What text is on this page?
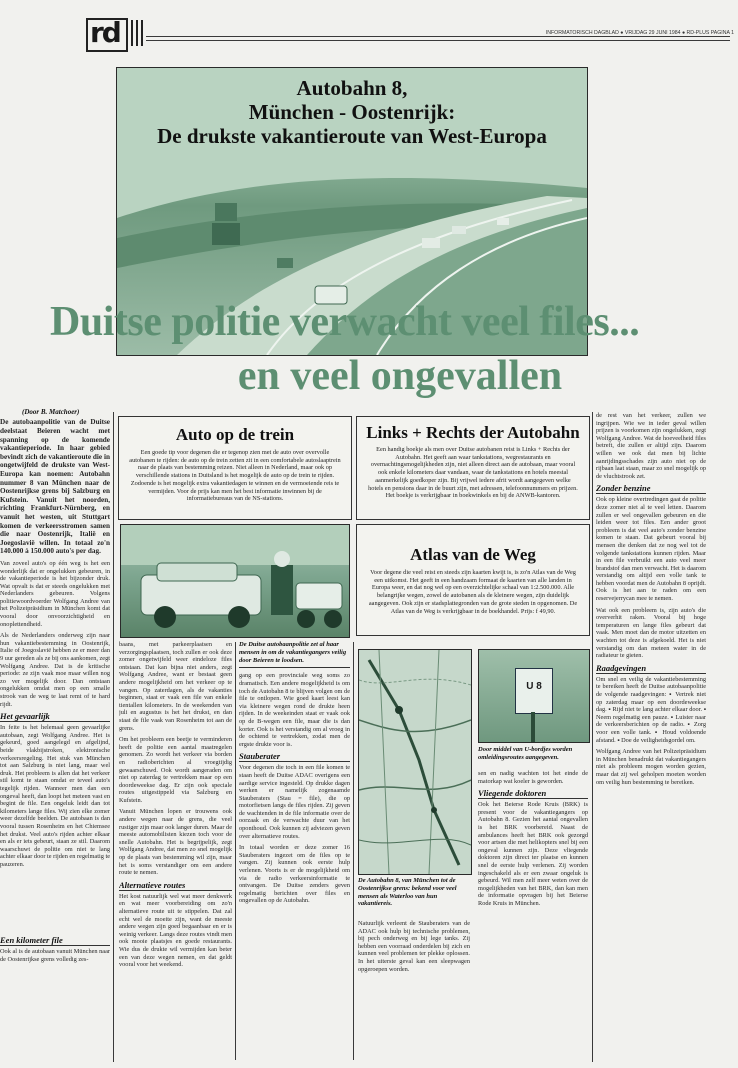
rd	INFORMATORISCH DAGBLAD ● VRIJDAG 29 JUNI 1984 ● RD-PLUS PAGINA 1
Autobahn 8,
München - Oostenrijk:
De drukste vakantieroute van West-Europa
Duitse politie verwacht veel files...
en veel ongevallen
(Door B. Matchoer)
De autobaanpolitie van de Duitse deelstaat Beieren wacht met spanning op de komende vakantieperiode. In haar gebied bevindt zich de vakantieroute die in ongetwijfeld de drukste van West-Europa kan noemen: Autobahn nummer 8 van München naar de Oostenrijkse grens bij Salzburg en Kufstein. Vanuit het noorden, richting Frankfurt-Nürnberg, en vanuit het westen, uit Stuttgart komen de verkeersstromen samen die naar Oostenrijk, Italië en Joegoslavië willen. In totaal zo'n 140.000 à 150.000 auto's per dag.
Van zoveel auto's op één weg is het een wonderlijk dat er ongelukken gebeuren, in de vakantieperiode is het bijzonder druk. Wat opvalt is dat er steeds ongelukken met Nederlanders gebeuren. Volgens politiewoordvoerder Wolfgang Andree van het Polizeipräsidium in München komt dat vooral door onvoorzichtigheid en onoplettendheid.
Als de Nederlanders onderweg zijn naar hun vakantiebestemming in Oostenrijk, Italie of Joegoslavië hebben ze er meer dan 9 uur gereden als ze bij ons aankomen, zegt Wolfgang Andree. Dat is de kritische periode: ze zijn vaak moe maar willen nog zo ver mogelijk door. Dan ontstaan ongelukken omdat men op een smalle strook van de weg te laat remt of te hard rijdt.
Het gevaarlijk
In feite is het helemaal geen gevaarlijke autobaan, zegt Wolfgang Andree. Het is gekeurd, goed aangelegd en afgelijnd, beide vlakbijstroken, elektronische verkeersregeling. Het stuk van München tot aan Salzburg is niet lang, maar wel druk. Het probleem is allen dat het verkeer stil komt te staan omdat er teveel auto's tegelijk rijden. Wanneer men dan een ongeval heeft, dan loopt het meteen vast en begint de file. Een ongeluk leidt dan tot kilometers lange files. Wij zien elke zomer weer dezelfde beelden. De autobaan is dan vooral tussen Rosenheim en het Chiemsee het drukst. Veel auto's rijden achter elkaar en als er iets gebeurt, staan ze stil. Daarom waarschuwt de politie om niet te lang achter elkaar door te rijden en regelmatig te pauzeren.
Een kilometer file
Ook al is de autobaan vanuit München naar de Oostenrijkse grens volledig zes-
Auto op de trein
Een goede tip voor degenen die er tegenop zien met de auto over overvolle autobanen te rijden: de auto op de trein zetten zit in een comfortabele autoslaaptrein naar de plaats van bestemming reizen. Niet alleen in Nederland, maar ook op verschillende stations in Duitsland is het mogelijk de auto op de trein te rijden. Zodoende is het mogelijk extra vakantiedagen te winnen en de vermoeiende reis te vermijden. Voor de prijs kan men het best informatie inwinnen bij de informatiebureaus van de NS-stations.
Links + Rechts der Autobahn
Een handig boekje als men over Duitse autobanen reist is Links + Rechts der Autobahn. Het geeft aan waar tankstations, wegrestaurants en overnachtingsmogelijkheden zijn, niet alleen direct aan de autobaan, maar vooral ook enkele kilometers daar vandaan, waar de tankstations en hotels meestal aanmerkelijk goedkoper zijn. Bij vrijwel iedere afrit wordt aangegeven welke hotels en pensions daar in de buurt zijn, met adressen, telefoonnummers en prijzen. Het boekje is verkrijgbaar in boekwinkels en bij de ANWB-kantoren.
Atlas van de Weg
Voor degene die veel reist en steeds zijn kaarten kwijt is, is zo'n Atlas van de Weg een uitkomst. Het geeft in een handzaam formaat de kaarten van alle landen in Europa weer, en dat nog wel op een overzichtelijke schaal van 1:2.500.000. Alle belangrijke wegen, zowel de autobanen als de kleinere wegen, zijn duidelijk aangegeven. Ook zijn er stadsplattegronden van de grote steden in opgenomen. De Atlas van de Weg is verkrijgbaar in de boekhandel. Prijs: f 49,90.
baans, met parkeerplaatsen en verzorgingsplaatsen, toch zullen er ook deze zomer ongetwijfeld weer eindeloze files ontstaan. Dat kan bijna niet anders, zegt Wolfgang Andree, want er bestaat geen andere mogelijkheid om het verkeer op te vangen. Op zaterdagen, als de vakanties beginnen, staat er vaak een file van enkele tientallen kilometers. In de weekenden van juli en augustus is het het drukst, en dan staat de file vaak van Rosenheim tot aan de grens.
Om het probleem een beetje te verminderen heeft de politie een aantal maatregelen genomen. Zo wordt het verkeer via borden en radioberichten al vroegtijdig gewaarschuwd. Ook wordt aangeraden om niet op zaterdag te vertrekken maar op een doordeweekse dag. Er zijn ook speciale routes uitgestippeld via Salzburg en Kufstein.
Vanuit München lopen er trouwens ook andere wegen naar de grens, die veel rustiger zijn maar ook langer duren. Maar de meeste automobilisten kiezen toch voor de snelle Autobahn. Het is begrijpelijk, zegt Wolfgang Andree, dat men zo snel mogelijk op de plaats van bestemming wil zijn, maar het is soms verstandiger om een andere route te nemen.
Alternatieve routes
Het kost natuurlijk wel wat meer denkwerk en wat meer voorbereiding om zo'n alternatieve route uit te stippelen. Dat zal echt wel de moeite zijn, want de meeste andere wegen zijn goed begaanbaar en er is weinig verkeer. Langs deze routes vindt men ook mooie plaatsjes en goede restaurants. Wie dus de drukte wil vermijden kan beter een van deze wegen nemen, en dat geldt vooral voor het weekend.
De Duitse autobaanpolitie zet al haar mensen in om de vakantiegangers veilig door Beieren te loodsen.
gang op een provinciale weg soms zo dramatisch. Een andere mogelijkheid is om toch de Autobahn 8 te blijven volgen om de file te ontlopen. Wie goed kaart leest kan via kleinere wegen rond de drukte heen rijden. In de weekeinden staat er vaak ook op de B-wegen een file, maar die is dan korter. Ook is het verstandig om al vroeg in de ochtend te vertrekken, zodat men de ergste drukte voor is.
Stauberater
Voor degenen die toch in een file komen te staan heeft de Duitse ADAC overigens een aardige service ingesteld. Op drukke dagen werken er namelijk zogenaamde Stauberaters (Stau = file), die op motorfietsen langs de files rijden. Zij geven de wachtenden in de file informatie over de oorzaak en de verwachte duur van het oponthoud. Ook kunnen zij adviezen geven over alternatieve routes.
In totaal worden er deze zomer 16 Stauberaters ingezet om de files op te vangen. Zij kunnen ook eerste hulp verlenen. Voorts is er de mogelijkheid om via de radio verkeersinformatie te ontvangen. De Duitse zenders geven regelmatig berichten over files en ongevallen op de Autobahn.
U 8
Door middel van U-bordjes worden omleidingsroutes aangegeven.
sen en nadig wachten tot het einde de matorkap wat koeler is geworden.
Vliegende doktoren
Ook het Beierse Rode Kruis (BRK) is present voor de vakantiegangers op Autobahn 8. Gezien het aantal ongevallen is het BRK voorbereid. Naast de ambulances heeft het BRK ook gezorgd voor artsen die met helikopters snel bij een ongeval kunnen zijn. Deze vliegende doktoren zijn direct ter plaatse en kunnen snel de eerste hulp verlenen. Zij worden ingeschakeld als er een zwaar ongeluk is gebeurd. Wil men zelf meer weten over de mogelijkheden van het BRK, dan kan men de informatie opvragen bij het Beierse Rode Kruis in München.
De Autobahn 8, van München tot de Oostenrijkse grens: bekend voor veel mensen als Waterloo van hun vakantiereis.
Natuurlijk verleent de Stauberaters van de ADAC ook hulp bij technische problemen, bij pech onderweg en bij lege tanks. Zij hebben een voorraad onderdelen bij zich en kunnen veel problemen ter plekke oplossen. In het uiterste geval kan een sleepwagen opgeroepen worden.
de rest van het verkeer, zullen we ingrijpen. Wie we in ieder geval willen prijzen is voorkomen zijn ongelukken, zegt Wolfgang Andree. Wat de hoeveelheid files betreft, die zullen er altijd zijn. Daarom willen we ook dat men bij lichte aanrijdingsschades zijn auto niet op de rijbaan laat staan, maar zo snel mogelijk op de vluchtstrook zet.
Zonder benzine
Ook op kleine overtredingen gaat de politie deze zomer niet al te veel letten. Daarom zullen er wel ongevallen gebeuren en die leiden weer tot files. Een ander groot probleem is dat veel auto's zonder benzine komen te staan. Dat gebeurt vooral bij mensen die denken dat ze nog wel tot de volgende tankstations kunnen rijden. Maar in een file verbruikt een auto veel meer brandstof dan men verwacht. Het is daarom verstandig om altijd een volle tank te hebben voordat men de Autobahn 8 oprijdt. Ook is het aan te raden om een reservejerrycan mee te nemen.
Wat ook een probleem is, zijn auto's die oververhit raken. Vooral bij hoge temperaturen en lange files gebeurt dat vaak. Men moet dan de motor uitzetten en wachten tot deze is afgekoeld. Het is niet verstandig om dan meteen water in de radiateur te gieten.
Raadgevingen
Om snel en veilig de vakantiebestemming te bereiken heeft de Duitse autobaanpolitie de volgende raadgevingen: ▪ Vertrek niet op zaterdag maar op een doordeweekse dag. ▪ Rijd niet te lang achter elkaar door. ▪ Neem regelmatig een pauze. ▪ Luister naar de verkeersberichten op de radio. ▪ Zorg voor een volle tank. ▪ Houd voldoende afstand. ▪ Doe de veiligheidsgordel om.
Wolfgang Andree van het Polizeipräsidium in München benadrukt dat vakantiegangers niet als probleem mogen worden gezien, maar dat zij wel geholpen moeten worden om veilig hun bestemming te bereiken.
